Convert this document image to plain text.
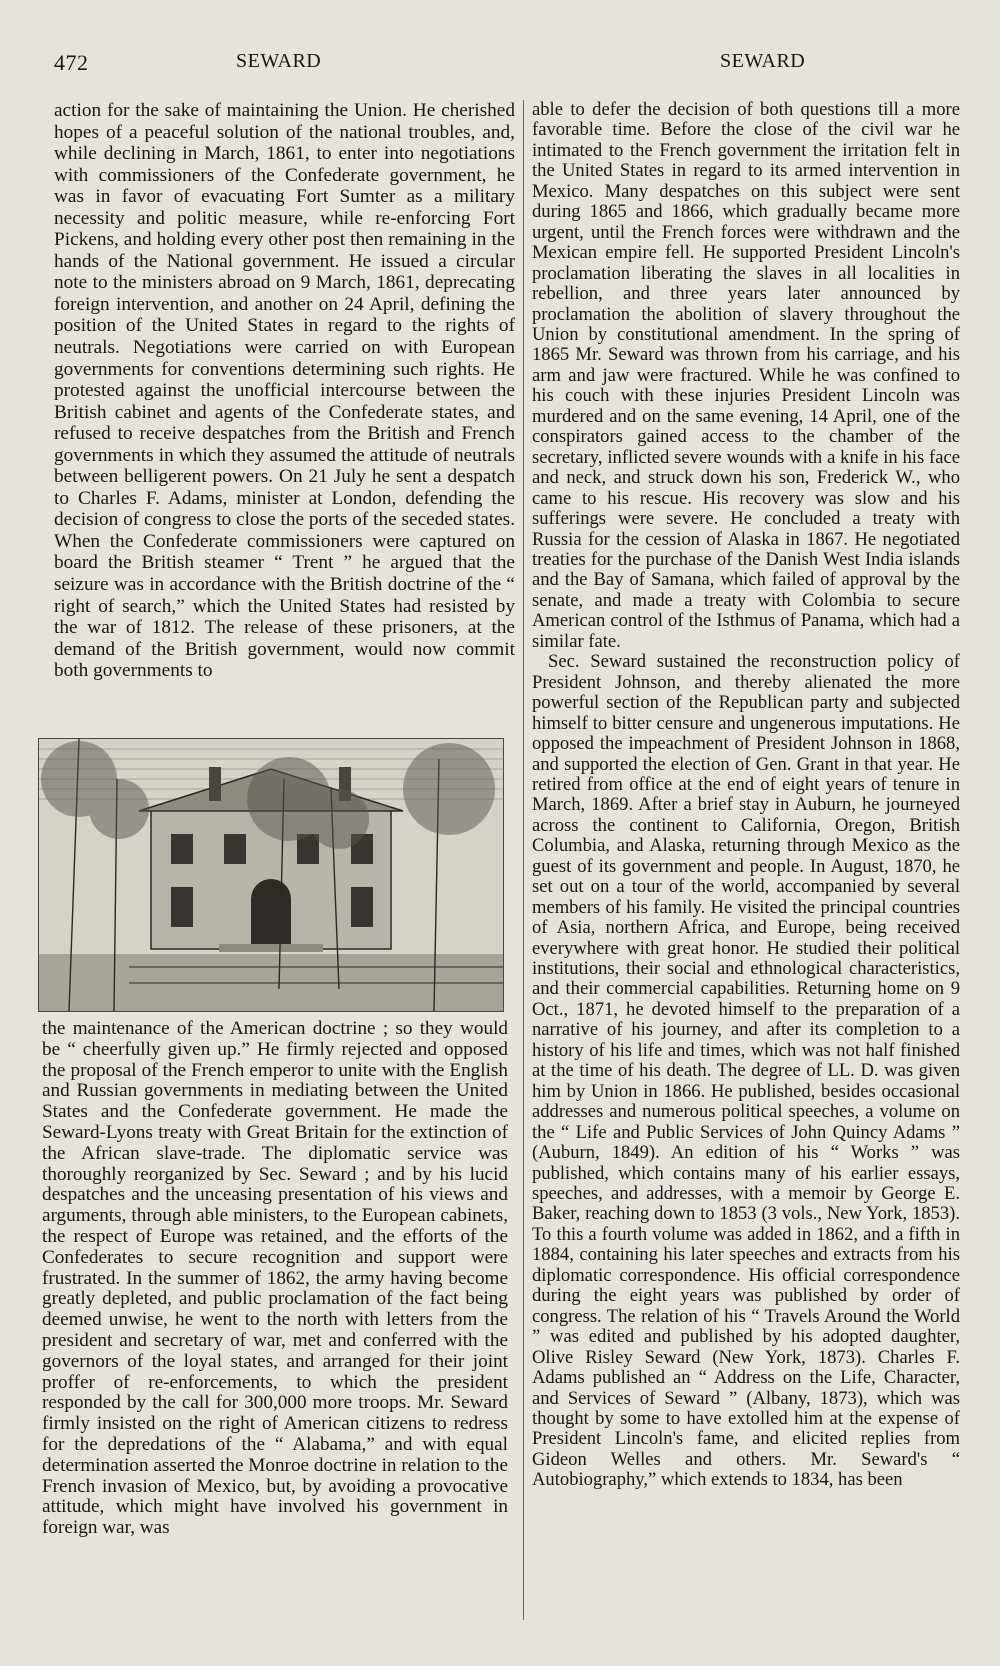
472	SEWARD	SEWARD

action for the sake of maintaining the Union. He cherished hopes of a peaceful solution of the national troubles, and, while declining in March, 1861, to enter into negotiations with commissioners of the Confederate government, he was in favor of evacuating Fort Sumter as a military necessity and politic measure, while re-enforcing Fort Pickens, and holding every other post then remaining in the hands of the National government. He issued a circular note to the ministers abroad on 9 March, 1861, deprecating foreign intervention, and another on 24 April, defining the position of the United States in regard to the rights of neutrals. Negotiations were carried on with European governments for conventions determining such rights. He protested against the unofficial intercourse between the British cabinet and agents of the Confederate states, and refused to receive despatches from the British and French governments in which they assumed the attitude of neutrals between belligerent powers. On 21 July he sent a despatch to Charles F. Adams, minister at London, defending the decision of congress to close the ports of the seceded states. When the Confederate commissioners were captured on board the British steamer “ Trent ” he argued that the seizure was in accordance with the British doctrine of the “ right of search,” which the United States had resisted by the war of 1812. The release of these prisoners, at the demand of the British government, would now commit both governments to

the maintenance of the American doctrine ; so they would be “ cheerfully given up.” He firmly rejected and opposed the proposal of the French emperor to unite with the English and Russian governments in mediating between the United States and the Confederate government. He made the Seward-Lyons treaty with Great Britain for the extinction of the African slave-trade. The diplomatic service was thoroughly reorganized by Sec. Seward ; and by his lucid despatches and the unceasing presentation of his views and arguments, through able ministers, to the European cabinets, the respect of Europe was retained, and the efforts of the Confederates to secure recognition and support were frustrated. In the summer of 1862, the army having become greatly depleted, and public proclamation of the fact being deemed unwise, he went to the north with letters from the president and secretary of war, met and conferred with the governors of the loyal states, and arranged for their joint proffer of re-enforcements, to which the president responded by the call for 300,000 more troops. Mr. Seward firmly insisted on the right of American citizens to redress for the depredations of the “ Alabama,” and with equal determination asserted the Monroe doctrine in relation to the French invasion of Mexico, but, by avoiding a provocative attitude, which might have involved his government in foreign war, was

able to defer the decision of both questions till a more favorable time. Before the close of the civil war he intimated to the French government the irritation felt in the United States in regard to its armed intervention in Mexico. Many despatches on this subject were sent during 1865 and 1866, which gradually became more urgent, until the French forces were withdrawn and the Mexican empire fell. He supported President Lincoln's proclamation liberating the slaves in all localities in rebellion, and three years later announced by proclamation the abolition of slavery throughout the Union by constitutional amendment. In the spring of 1865 Mr. Seward was thrown from his carriage, and his arm and jaw were fractured. While he was confined to his couch with these injuries President Lincoln was murdered and on the same evening, 14 April, one of the conspirators gained access to the chamber of the secretary, inflicted severe wounds with a knife in his face and neck, and struck down his son, Frederick W., who came to his rescue. His recovery was slow and his sufferings were severe. He concluded a treaty with Russia for the cession of Alaska in 1867. He negotiated treaties for the purchase of the Danish West India islands and the Bay of Samana, which failed of approval by the senate, and made a treaty with Colombia to secure American control of the Isthmus of Panama, which had a similar fate.

Sec. Seward sustained the reconstruction policy of President Johnson, and thereby alienated the more powerful section of the Republican party and subjected himself to bitter censure and ungenerous imputations. He opposed the impeachment of President Johnson in 1868, and supported the election of Gen. Grant in that year. He retired from office at the end of eight years of tenure in March, 1869. After a brief stay in Auburn, he journeyed across the continent to California, Oregon, British Columbia, and Alaska, returning through Mexico as the guest of its government and people. In August, 1870, he set out on a tour of the world, accompanied by several members of his family. He visited the principal countries of Asia, northern Africa, and Europe, being received everywhere with great honor. He studied their political institutions, their social and ethnological characteristics, and their commercial capabilities. Returning home on 9 Oct., 1871, he devoted himself to the preparation of a narrative of his journey, and after its completion to a history of his life and times, which was not half finished at the time of his death. The degree of LL. D. was given him by Union in 1866. He published, besides occasional addresses and numerous political speeches, a volume on the “ Life and Public Services of John Quincy Adams ” (Auburn, 1849). An edition of his “ Works ” was published, which contains many of his earlier essays, speeches, and addresses, with a memoir by George E. Baker, reaching down to 1853 (3 vols., New York, 1853). To this a fourth volume was added in 1862, and a fifth in 1884, containing his later speeches and extracts from his diplomatic correspondence. His official correspondence during the eight years was published by order of congress. The relation of his “ Travels Around the World ” was edited and published by his adopted daughter, Olive Risley Seward (New York, 1873). Charles F. Adams published an “ Address on the Life, Character, and Services of Seward ” (Albany, 1873), which was thought by some to have extolled him at the expense of President Lincoln's fame, and elicited replies from Gideon Welles and others. Mr. Seward's “ Autobiography,” which extends to 1834, has been
